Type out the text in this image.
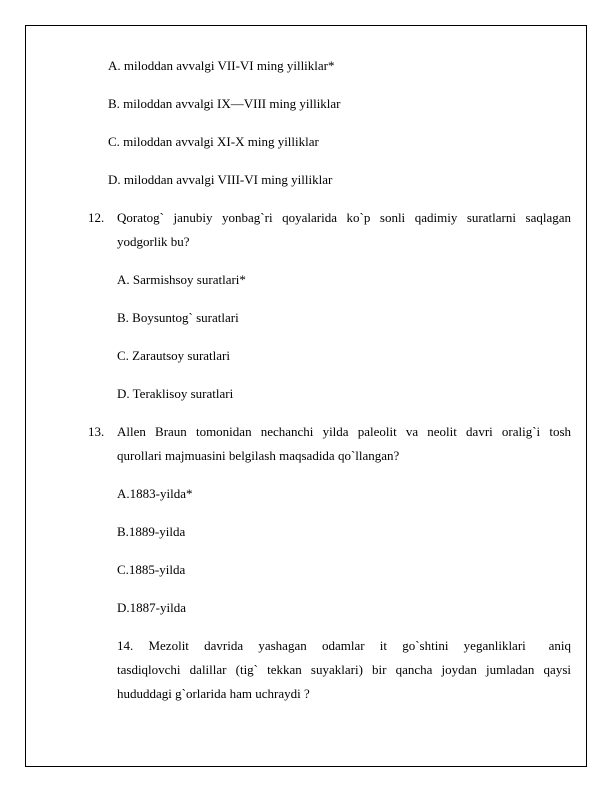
A. miloddan avvalgi VII-VI ming yilliklar*
B. miloddan avvalgi IX—VIII ming yilliklar
C. miloddan avvalgi XI-X ming yilliklar
D. miloddan avvalgi VIII-VI ming yilliklar
12. Qoratog` janubiy yonbag`ri qoyalarida ko`p sonli qadimiy suratlarni saqlagan
yodgorlik bu?
A. Sarmishsoy suratlari*
B. Boysuntog` suratlari
C. Zarautsoy suratlari
D. Teraklisoy suratlari
13. Allen Braun tomonidan nechanchi yilda paleolit va neolit davri oralig`i tosh
qurollari majmuasini belgilash maqsadida qo`llangan?
A.1883-yilda*
B.1889-yilda
C.1885-yilda
D.1887-yilda
14.  Mezolit  davrida  yashagan  odamlar  it  go`shtini  yeganliklari   aniq
tasdiqlovchi dalillar (tig` tekkan suyaklari) bir qancha joydan jumladan qaysi
hududdagi g`orlarida ham uchraydi ?
